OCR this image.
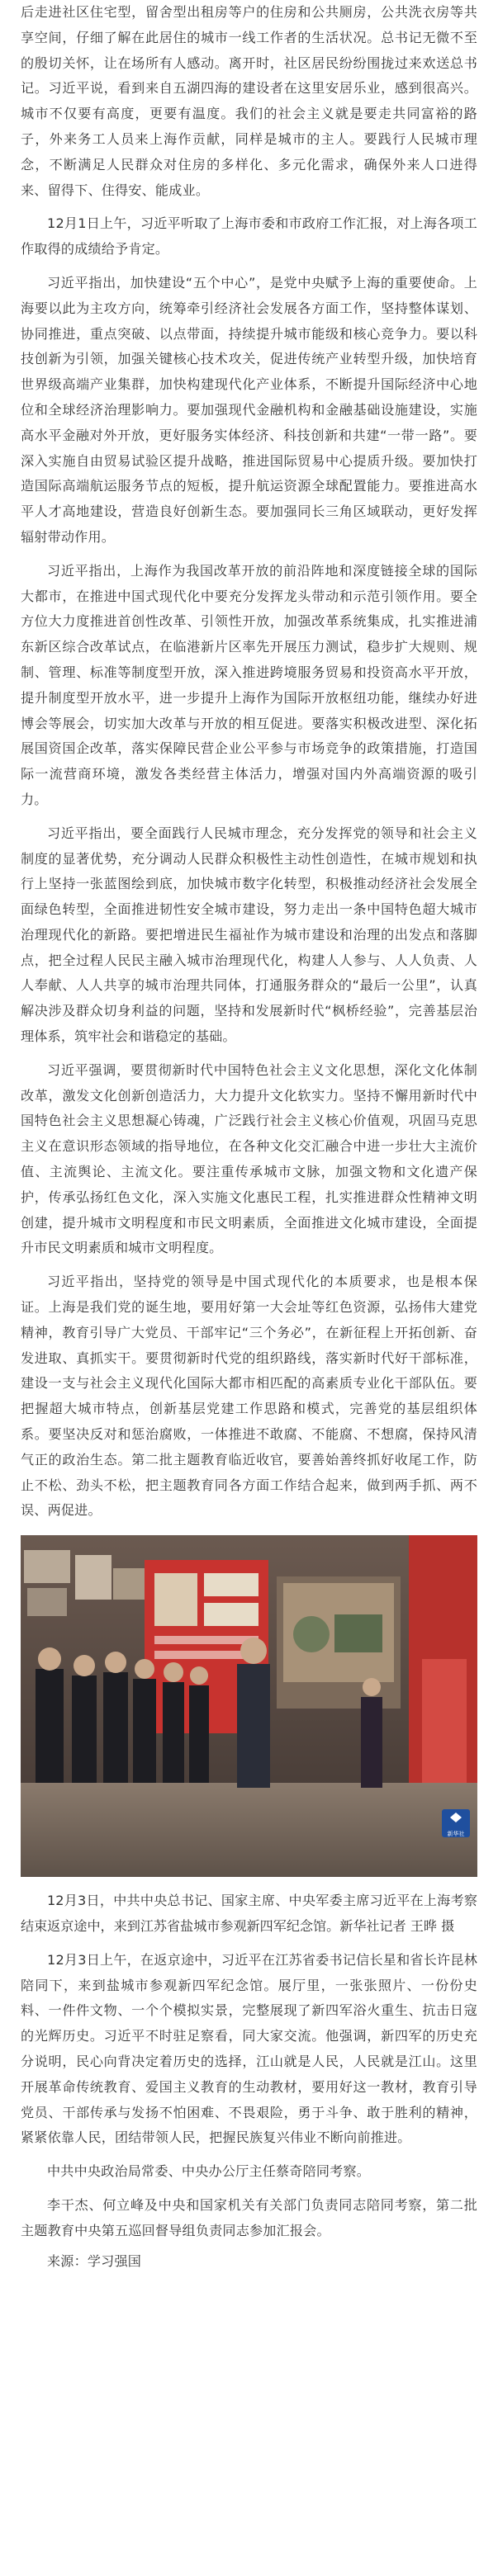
后走进社区住宅型，留舍型出租房等户的住房和公共厕房，公共洗衣房等共享空间，仔细了解在此居住的城市一线工作者的生活状况。总书记无微不至的殷切关怀，让在场所有人感动。离开时，社区居民纷纷围拢过来欢送总书记。习近平说，看到来自五湖四海的建设者在这里安居乐业，感到很高兴。城市不仅要有高度，更要有温度。我们的社会主义就是要走共同富裕的路子，外来务工人员来上海作贡献，同样是城市的主人。要践行人民城市理念，不断满足人民群众对住房的多样化、多元化需求，确保外来人口进得来、留得下、住得安、能成业。

12月1日上午，习近平听取了上海市委和市政府工作汇报，对上海各项工作取得的成绩给予肯定。

习近平指出，加快建设“五个中心”，是党中央赋予上海的重要使命。上海要以此为主攻方向，统筹牵引经济社会发展各方面工作，坚持整体谋划、协同推进，重点突破、以点带面，持续提升城市能级和核心竞争力。要以科技创新为引领，加强关键核心技术攻关，促进传统产业转型升级，加快培育世界级高端产业集群，加快构建现代化产业体系，不断提升国际经济中心地位和全球经济治理影响力。要加强现代金融机构和金融基础设施建设，实施高水平金融对外开放，更好服务实体经济、科技创新和共建“一带一路”。要深入实施自由贸易试验区提升战略，推进国际贸易中心提质升级。要加快打造国际高端航运服务节点的短板，提升航运资源全球配置能力。要推进高水平人才高地建设，营造良好创新生态。要加强同长三角区域联动，更好发挥辐射带动作用。

习近平指出，上海作为我国改革开放的前沿阵地和深度链接全球的国际大都市，在推进中国式现代化中要充分发挥龙头带动和示范引领作用。要全方位大力度推进首创性改革、引领性开放，加强改革系统集成，扎实推进浦东新区综合改革试点，在临港新片区率先开展压力测试，稳步扩大规则、规制、管理、标准等制度型开放，深入推进跨境服务贸易和投资高水平开放，提升制度型开放水平，进一步提升上海作为国际开放枢纽功能，继续办好进博会等展会，切实加大改革与开放的相互促进。要落实积极改进型、深化拓展国资国企改革，落实保障民营企业公平参与市场竞争的政策措施，打造国际一流营商环境，激发各类经营主体活力，增强对国内外高端资源的吸引力。

习近平指出，要全面践行人民城市理念，充分发挥党的领导和社会主义制度的显著优势，充分调动人民群众积极性主动性创造性，在城市规划和执行上坚持一张蓝图绘到底，加快城市数字化转型，积极推动经济社会发展全面绿色转型，全面推进韧性安全城市建设，努力走出一条中国特色超大城市治理现代化的新路。要把增进民生福祉作为城市建设和治理的出发点和落脚点，把全过程人民民主融入城市治理现代化，构建人人参与、人人负责、人人奉献、人人共享的城市治理共同体，打通服务群众的“最后一公里”，认真解决涉及群众切身利益的问题，坚持和发展新时代“枫桥经验”，完善基层治理体系，筑牢社会和谐稳定的基础。

习近平强调，要贯彻新时代中国特色社会主义文化思想，深化文化体制改革，激发文化创新创造活力，大力提升文化软实力。坚持不懈用新时代中国特色社会主义思想凝心铸魂，广泛践行社会主义核心价值观，巩固马克思主义在意识形态领域的指导地位，在各种文化交汇融合中进一步壮大主流价值、主流舆论、主流文化。要注重传承城市文脉，加强文物和文化遗产保护，传承弘扬红色文化，深入实施文化惠民工程，扎实推进群众性精神文明创建，提升城市文明程度和市民文明素质，全面推进文化城市建设，全面提升市民文明素质和城市文明程度。

习近平指出，坚持党的领导是中国式现代化的本质要求，也是根本保证。上海是我们党的诞生地，要用好第一大会址等红色资源，弘扬伟大建党精神，教育引导广大党员、干部牢记“三个务必”，在新征程上开拓创新、奋发进取、真抓实干。要贯彻新时代党的组织路线，落实新时代好干部标准，建设一支与社会主义现代化国际大都市相匹配的高素质专业化干部队伍。要把握超大城市特点，创新基层党建工作思路和模式，完善党的基层组织体系。要坚决反对和惩治腐败，一体推进不敢腐、不能腐、不想腐，保持风清气正的政治生态。第二批主题教育临近收官，要善始善终抓好收尾工作，防止不松、劲头不松，把主题教育同各方面工作结合起来，做到两手抓、两不误、两促进。

新华社

12月3日，中共中央总书记、国家主席、中央军委主席习近平在上海考察结束返京途中，来到江苏省盐城市参观新四军纪念馆。新华社记者 王晔 摄

12月3日上午，在返京途中，习近平在江苏省委书记信长星和省长许昆林陪同下，来到盐城市参观新四军纪念馆。展厅里，一张张照片、一份份史料、一件件文物、一个个模拟实景，完整展现了新四军浴火重生、抗击日寇的光辉历史。习近平不时驻足察看，同大家交流。他强调，新四军的历史充分说明，民心向背决定着历史的选择，江山就是人民，人民就是江山。这里开展革命传统教育、爱国主义教育的生动教材，要用好这一教材，教育引导党员、干部传承与发扬不怕困难、不畏艰险，勇于斗争、敢于胜利的精神，紧紧依靠人民，团结带领人民，把握民族复兴伟业不断向前推进。

中共中央政治局常委、中央办公厅主任蔡奇陪同考察。

李干杰、何立峰及中央和国家机关有关部门负责同志陪同考察，第二批主题教育中央第五巡回督导组负责同志参加汇报会。

来源：学习强国
